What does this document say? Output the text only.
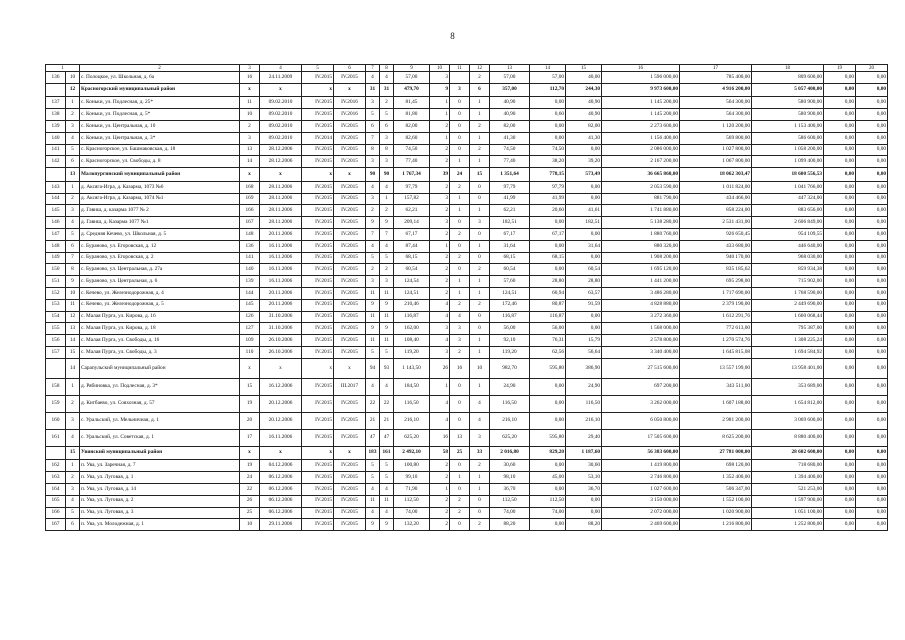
8
1		2	3	4	5	6	7	8	9	10	11	12	13	14	15	16	17	18	19	20
136	10	с. Полоцкое, ул. Школьная, д. 6а	16	24.11.2009	IV.2015	IV.2015	4	4	57,00	3		2	57,00	57,00	40,00	1 596 000,00	785 400,00	809 600,00	0,00	0,00
	12	Красногорский муниципальный район	х	х	х	х	31	31	479,70	9	3	6	357,00	112,70	244,30	9 973 600,00	4 916 200,00	5 057 400,00	0,00	0,00
137	1	с. Коньки, ул. Подлесная, д. 25*	11	09.02.2010	IV.2015	IV.2016	3	2	81,45	1	0	1	40,90	0,00	40,90	1 145 200,00	564 300,00	580 900,00	0,00	0,00
138	2	с. Коньки, ул. Подлесная, д. 5*	10	09.02.2010	IV.2015	IV.2016	5	5	81,80	1	0	1	40,90	0,60	40,90	1 145 200,00	564 300,00	580 900,00	0,00	0,00
139	3	с. Коньки, ул. Центральная, д. 10	2	09.02.2010	IV.2015	IV.2015	6	6	82,00	2	0	2	82,00	0,00	82,00	2 273 600,00	1 120 200,00	1 153 400,00	0,00	0,00
140	4	с. Коньки, ул. Центральная, д. 3*	3	09.02.2010	IV.2014	IV.2015	7	3	82,60	1	0	1	41,30	0,00	41,30	1 156 400,00	569 800,00	586 600,00	0,00	0,00
141	5	с. Красногорское, ул. Башмаковская, д. 18	13	28.12.2006	IV.2015	IV.2015	8	8	74,50	2	0	2	74,50	74,50	0,00	2 086 000,00	1 027 800,00	1 058 200,00	0,00	0,00
142	6	с. Красногорское, ул. Свободы, д. 8	14	28.12.2006	IV.2015	IV.2015	3	3	77,40	2	1	1	77,40	38,20	39,20	2 167 200,00	1 067 800,00	1 099 400,00	0,00	0,00
	13	Малопургинский муниципальный район	х	х	х	х	90	90	1 767,34	39	24	15	1 351,64	778,15	573,49	36 665 860,00	18 062 303,47	18 600 556,53	0,00	0,00
143	1	д. Аксяга-Игра, д. Казарма, 1073 №6	168	28.11.2006	IV.2015	IV.2015	4	4	97,79	2	2	0	97,79	97,79	0,00	2 053 590,00	1 011 824,00	1 041 766,00	0,00	0,00
144	2	д. Аксяга-Игра, д. Казарма, 1074 №1	169	28.11.2006	IV.2015	IV.2015	3	1	157,82	3	1	0	41,99	41,99	0,00	881 790,00	434 466,00	447 324,00	0,00	0,00
145	3	д. Гавиш, д. казарма 1077 № 2	166	28.11.2006	IV.2015	IV.2015	2	2	62,21	2	1	1	62,21	20,60	41,61	1 741 880,00	858 224,00	883 656,00	0,00	0,00
146	4	д. Гавиш, д. Казарма 1077 №1	167	28.11.2006	IV.2015	IV.2015	9	9	209,14	3	0	3	182,51	0,00	182,51	5 138 280,00	2 531 431,00	2 606 849,00	0,00	0,00
147	5	д. Средняя Кечево, ул. Школьная, д. 5	148	20.11.2006	IV.2015	IV.2015	7	7	67,17	2	2	0	67,17	67,17	0,00	1 880 760,00	926 650,45	954 109,55	0,00	0,00
148	6	с. Бураново, ул. Егоровская, д. 12	136	16.11.2006	IV.2015	IV.2015	4	4	87,44	1	0	1	31,64	0,00	31,64	880 320,00	433 680,00	446 640,00	0,00	0,00
149	7	с. Бураново, ул. Егоровская, д. 2	141	16.11.2006	IV.2015	IV.2015	5	5	68,15	2	2	0	68,15	68,15	0,00	1 908 200,00	940 170,00	968 030,00	0,00	0,00
150	8	с. Бураново, ул. Центральная, д. 27а	140	16.11.2006	IV.2015	IV.2015	2	2	60,54	2	0	2	60,54	0,00	60,54	1 695 120,00	835 185,62	859 934,38	0,00	0,00
151	9	с. Бураново, ул. Центральная, д. 6	139	16.11.2006	IV.2015	IV.2015	3	3	124,54	2	1	1	57,60	28,80	28,80	1 441 200,00	695 298,00	715 902,00	0,00	0,00
152	10	с. Кечево, ул. Железнодорожная, д. 4	144	20.11.2006	IV.2015	IV.2015	11	11	124,51	2	1	1	124,51	60,94	63,57	3 486 280,00	1 717 690,00	1 768 590,00	0,00	0,00
153	11	с. Кечево, ул. Железнодорожная, д. 5	145	20.11.2006	IV.2015	IV.2015	9	9	210,46	4	2	2	172,46	80,87	91,59	4 828 880,00	2 379 190,00	2 449 690,00	0,00	0,00
154	12	с. Малая Пурга, ул. Кирова, д. 16	126	31.10.2006	IV.2015	IV.2015	11	11	116,87	4	4	0	116,87	116,87	0,00	3 272 360,00	1 612 291,76	1 660 068,44	0,00	0,00
155	13	с. Малая Пурга, ул. Кирова, д. 18	127	31.10.2006	IV.2015	IV.2015	9	9	162,00	3	3	0	56,00	56,00	0,00	1 568 000,00	772 613,00	795 387,00	0,00	0,00
156	14	с. Малая Пурга, ул. Свободы, д. 16	109	26.10.2006	IV.2015	IV.2015	11	11	108,40	4	3	1	92,10	76,31	15,79	2 578 800,00	1 270 574,76	1 308 225,24	0,00	0,00
157	15	с. Малая Пурга, ул. Свободы, д. 3	110	26.10.2006	IV.2015	IV.2015	5	5	119,20	3	2	1	119,20	62,56	56,64	3 340 400,00	1 645 815,08	1 694 584,92	0,00	0,00
	14	Сарапульский муниципальный район	х	х	х	х	94	93	1 143,50	26	16	10	982,70	595,80	386,90	27 515 600,00	13 557 199,00	13 958 401,00	0,00	0,00
158	1	д. Рябиновка, ул. Подлесная, д. 3*	15	16.12.2006	IV.2015	III.2017	4	4	184,50	1	0	1	24,90	0,00	24,90	697 200,00	343 511,00	353 689,00	0,00	0,00
159	2	д. Кигбаево, ул. Совхозная, д. 57	19	20.12.2006	IV.2015	IV.2015	22	22	116,50	4	0	4	116,50	0,00	116,50	3 262 000,00	1 607 188,00	1 654 812,00	0,00	0,00
160	3	с. Уральский, ул. Мельничная, д. 1	20	20.12.2006	IV.2015	IV.2015	21	21	216,10	4	0	4	216,10	0,00	216,10	6 050 800,00	2 981 200,00	3 069 600,00	0,00	0,00
161	4	с. Уральский, ул. Советская, д. 1	17	16.11.2006	IV.2015	IV.2015	47	47	625,20	16	13	3	625,20	595,80	29,40	17 505 600,00	8 625 200,00	8 880 400,00	0,00	0,00
	15	Увинский муниципальный район	х	х	х	х	183	161	2 492,10	58	25	33	2 016,80	829,20	1 187,60	56 383 600,00	27 781 000,00	28 602 600,00	0,00	0,00
162	1	п. Ува, ул. Заречная, д. 7	19	04.12.2006	IV.2015	IV.2015	5	5	100,80	2	0	2	30,60	0,00	30,60	1 419 800,00	698 120,00	718 680,00	0,00	0,00
163	2	п. Ува, ул. Луговая, д. 1	24	06.12.2006	IV.2015	IV.2015	5	5	99,10	2	1	1	98,10	45,00	53,10	2 746 800,00	1 352 400,00	1 394 400,00	0,00	0,00
164	3	п. Ува, ул. Луговая, д. 14	22	06.12.2006	IV.2015	IV.2015	4	4	71,90	1	0	1	36,70	0,00	36,70	1 027 600,00	506 347,00	521 253,00	0,00	0,00
165	4	п. Ува, ул. Луговая, д. 2	26	06.12.2006	IV.2015	IV.2015	11	11	112,50	2	2	0	112,50	112,50	0,00	3 150 000,00	1 552 100,00	1 597 900,00	0,00	0,00
166	5	п. Ува, ул. Луговая, д. 3	25	06.12.2006	IV.2015	IV.2015	4	4	74,00	2	2	0	74,00	74,00	0,00	2 072 000,00	1 020 900,00	1 051 100,00	0,00	0,00
167	6	п. Ува, ул. Молодежная, д. 1	10	29.11.2006	IV.2015	IV.2015	9	9	132,20	2	0	2	88,20	0,00	88,20	2 469 600,00	1 216 800,00	1 252 800,00	0,00	0,00
